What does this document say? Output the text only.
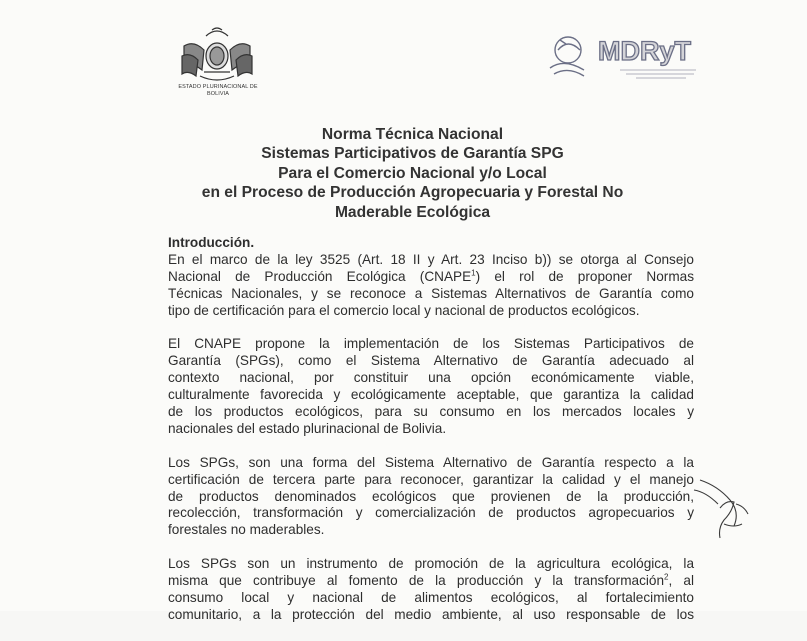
ESTADO PLURINACIONAL DE
BOLIVIA
MDRyT
Norma Técnica Nacional
Sistemas Participativos de Garantía SPG
Para el Comercio Nacional y/o Local
en el Proceso de Producción Agropecuaria y Forestal No
Maderable Ecológica
Introducción.
En el marco de la ley 3525 (Art. 18 II y Art. 23 Inciso b)) se otorga al Consejo
Nacional de Producción Ecológica (CNAPE$^1$) el rol de proponer Normas
Técnicas Nacionales, y se reconoce a Sistemas Alternativos de Garantía como
tipo de certificación para el comercio local y nacional de productos ecológicos.
El CNAPE propone la implementación de los Sistemas Participativos de
Garantía (SPGs), como el Sistema Alternativo de Garantía adecuado al
contexto nacional, por constituir una opción económicamente viable,
culturalmente favorecida y ecológicamente aceptable, que garantiza la calidad
de los productos ecológicos, para su consumo en los mercados locales y
nacionales del estado plurinacional de Bolivia.
Los SPGs, son una forma del Sistema Alternativo de Garantía respecto a la
certificación de tercera parte para reconocer, garantizar la calidad y el manejo
de productos denominados ecológicos que provienen de la producción,
recolección, transformación y comercialización de productos agropecuarios y
forestales no maderables.
Los SPGs son un instrumento de promoción de la agricultura ecológica, la
misma que contribuye al fomento de la producción y la transformación$^2$, al
consumo local y nacional de alimentos ecológicos, al fortalecimiento
comunitario, a la protección del medio ambiente, al uso responsable de los
